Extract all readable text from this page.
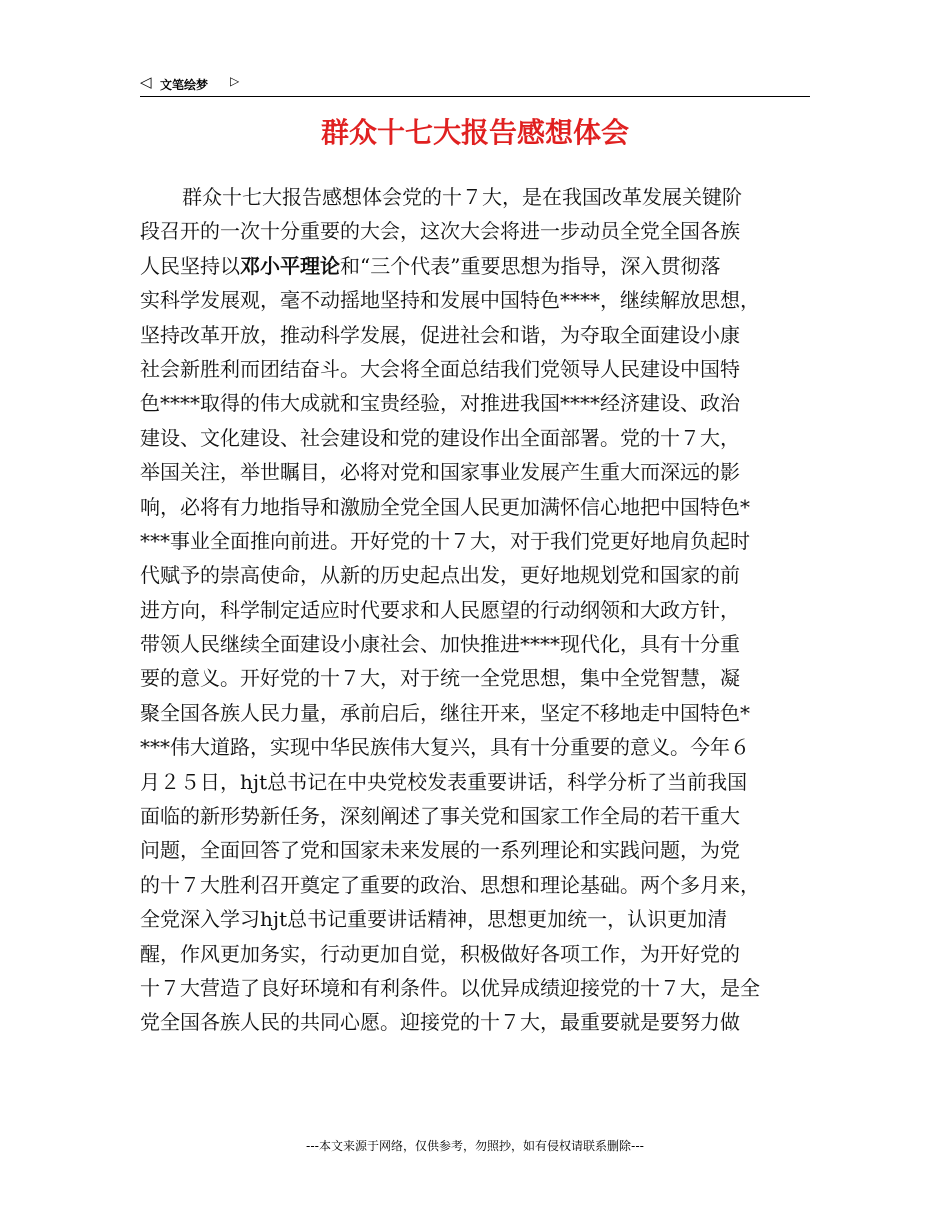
◁ 文笔绘梦 ▷
群众十七大报告感想体会
群众十七大报告感想体会党的十７大，是在我国改革发展关键阶
段召开的一次十分重要的大会，这次大会将进一步动员全党全国各族
人民坚持以邓小平理论和“三个代表”重要思想为指导，深入贯彻落
实科学发展观，毫不动摇地坚持和发展中国特色****，继续解放思想，
坚持改革开放，推动科学发展，促进社会和谐，为夺取全面建设小康
社会新胜利而团结奋斗。大会将全面总结我们党领导人民建设中国特
色****取得的伟大成就和宝贵经验，对推进我国****经济建设、政治
建设、文化建设、社会建设和党的建设作出全面部署。党的十７大，
举国关注，举世瞩目，必将对党和国家事业发展产生重大而深远的影
响，必将有力地指导和激励全党全国人民更加满怀信心地把中国特色*
***事业全面推向前进。开好党的十７大，对于我们党更好地肩负起时
代赋予的崇高使命，从新的历史起点出发，更好地规划党和国家的前
进方向，科学制定适应时代要求和人民愿望的行动纲领和大政方针，
带领人民继续全面建设小康社会、加快推进****现代化，具有十分重
要的意义。开好党的十７大，对于统一全党思想，集中全党智慧，凝
聚全国各族人民力量，承前启后，继往开来，坚定不移地走中国特色*
***伟大道路，实现中华民族伟大复兴，具有十分重要的意义。今年６
月２５日，hjt总书记在中央党校发表重要讲话，科学分析了当前我国
面临的新形势新任务，深刻阐述了事关党和国家工作全局的若干重大
问题，全面回答了党和国家未来发展的一系列理论和实践问题，为党
的十７大胜利召开奠定了重要的政治、思想和理论基础。两个多月来，
全党深入学习hjt总书记重要讲话精神，思想更加统一，认识更加清
醒，作风更加务实，行动更加自觉，积极做好各项工作，为开好党的
十７大营造了良好环境和有利条件。以优异成绩迎接党的十７大，是全
党全国各族人民的共同心愿。迎接党的十７大，最重要就是要努力做
---本文来源于网络，仅供参考，勿照抄，如有侵权请联系删除---
